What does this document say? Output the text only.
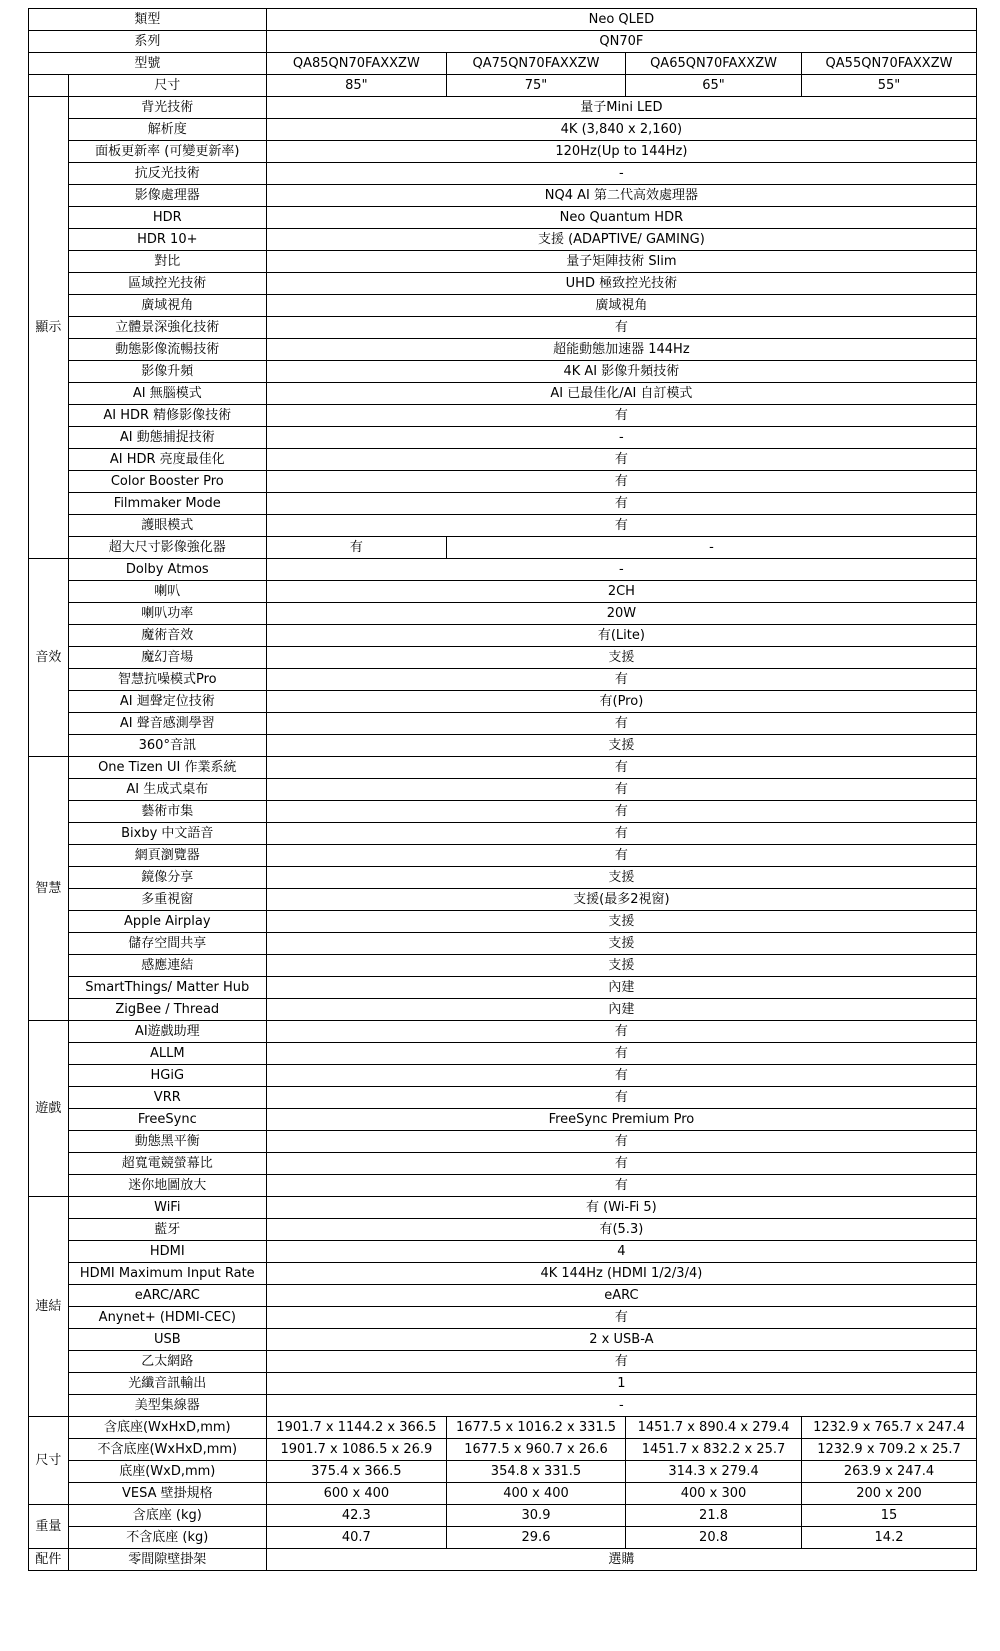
類型		Neo QLED			
系列		QN70F			
型號		QA85QN70FAXXZW	QA75QN70FAXXZW	QA65QN70FAXXZW	QA55QN70FAXXZW
	尺寸	85"	75"	65"	55"
顯示	背光技術	量子Mini LED			
	解析度	4K (3,840 x 2,160)			
	面板更新率 (可變更新率)	120Hz(Up to 144Hz)			
	抗反光技術	-			
	影像處理器	NQ4 AI 第二代高效處理器			
	HDR	Neo Quantum HDR			
	HDR 10+	支援 (ADAPTIVE/ GAMING)			
	對比	量子矩陣技術 Slim			
	區域控光技術	UHD 極致控光技術			
	廣域視角	廣域視角			
	立體景深強化技術	有			
	動態影像流暢技術	超能動態加速器 144Hz			
	影像升頻	4K AI 影像升頻技術			
	AI 無腦模式	AI 已最佳化/AI 自訂模式			
	AI HDR 精修影像技術	有			
	AI 動態捕捉技術	-			
	AI HDR 亮度最佳化	有			
	Color Booster Pro	有			
	Filmmaker Mode	有			
	護眼模式	有			
	超大尺寸影像強化器	有	-		
音效	Dolby Atmos	-			
	喇叭	2CH			
	喇叭功率	20W			
	魔術音效	有(Lite)			
	魔幻音場	支援			
	智慧抗噪模式Pro	有			
	AI 迴聲定位技術	有(Pro)			
	AI 聲音感測學習	有			
	360°音訊	支援			
智慧	One Tizen UI 作業系統	有			
	AI 生成式桌布	有			
	藝術市集	有			
	Bixby 中文語音	有			
	網頁瀏覽器	有			
	鏡像分享	支援			
	多重視窗	支援(最多2視窗)			
	Apple Airplay	支援			
	儲存空間共享	支援			
	感應連結	支援			
	SmartThings/ Matter Hub	內建			
	ZigBee / Thread	內建			
遊戲	AI遊戲助理	有			
	ALLM	有			
	HGiG	有			
	VRR	有			
	FreeSync	FreeSync Premium Pro			
	動態黑平衡	有			
	超寬電競螢幕比	有			
	迷你地圖放大	有			
連結	WiFi	有 (Wi-Fi 5)			
	藍牙	有(5.3)			
	HDMI	4			
	HDMI Maximum Input Rate	4K 144Hz (HDMI 1/2/3/4)			
	eARC/ARC	eARC			
	Anynet+ (HDMI-CEC)	有			
	USB	2 x USB-A			
	乙太網路	有			
	光纖音訊輸出	1			
	美型集線器	-			
尺寸	含底座(WxHxD,mm)	1901.7 x 1144.2 x 366.5	1677.5 x 1016.2 x 331.5	1451.7 x 890.4 x 279.4	1232.9 x 765.7 x 247.4
	不含底座(WxHxD,mm)	1901.7 x 1086.5 x 26.9	1677.5 x 960.7 x 26.6	1451.7 x 832.2 x 25.7	1232.9 x 709.2 x 25.7
	底座(WxD,mm)	375.4 x 366.5	354.8 x 331.5	314.3 x 279.4	263.9 x 247.4
	VESA 壁掛規格	600 x 400	400 x 400	400 x 300	200 x 200
重量	含底座 (kg)	42.3	30.9	21.8	15
	不含底座 (kg)	40.7	29.6	20.8	14.2
配件	零間隙壁掛架	選購			
